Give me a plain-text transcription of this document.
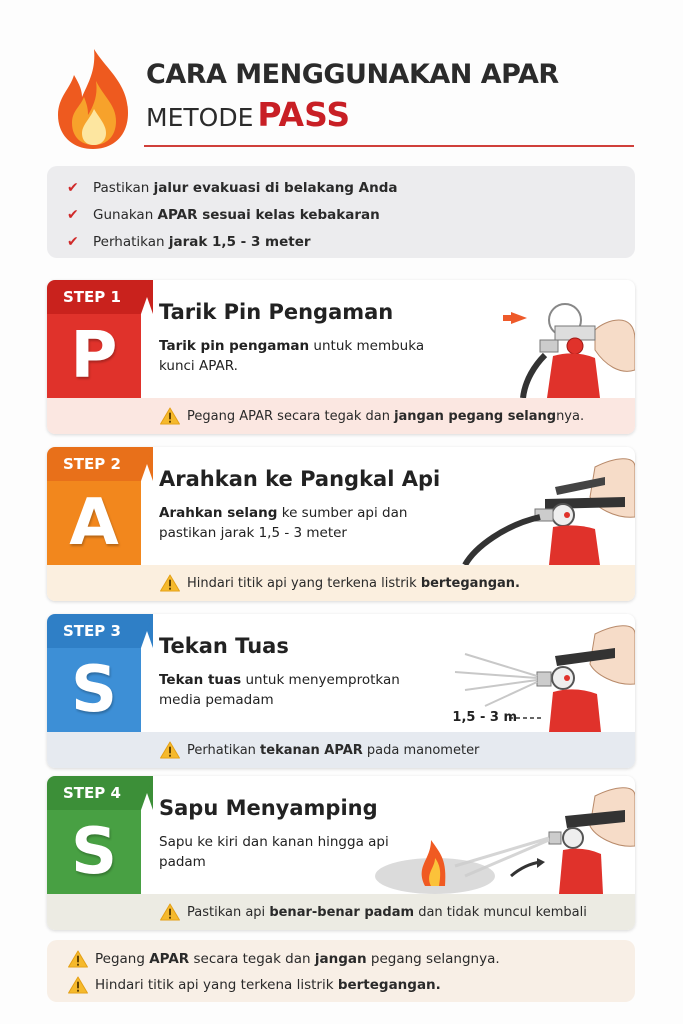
CARA MENGGUNAKAN APAR
METODE PASS
✔	Pastikan jalur evakuasi di belakang Anda
✔	Gunakan APAR sesuai kelas kebakaran
✔	Perhatikan jarak 1,5 - 3 meter
STEP 1
P
Tarik Pin Pengaman
Tarik pin pengaman untuk membuka kunci APAR.
Pegang APAR secara tegak dan jangan pegang selangnya.
STEP 2
A
Arahkan ke Pangkal Api
Arahkan selang ke sumber api dan pastikan jarak 1,5 - 3 meter
Hindari titik api yang terkena listrik bertegangan.
STEP 3
S
Tekan Tuas
Tekan tuas untuk menyemprotkan media pemadam
1,5 - 3 m
Perhatikan tekanan APAR pada manometer
STEP 4
S
Sapu Menyamping
Sapu ke kiri dan kanan hingga api padam
Pastikan api benar-benar padam dan tidak muncul kembali
Pegang APAR secara tegak dan jangan pegang selangnya.
Hindari titik api yang terkena listrik bertegangan.
